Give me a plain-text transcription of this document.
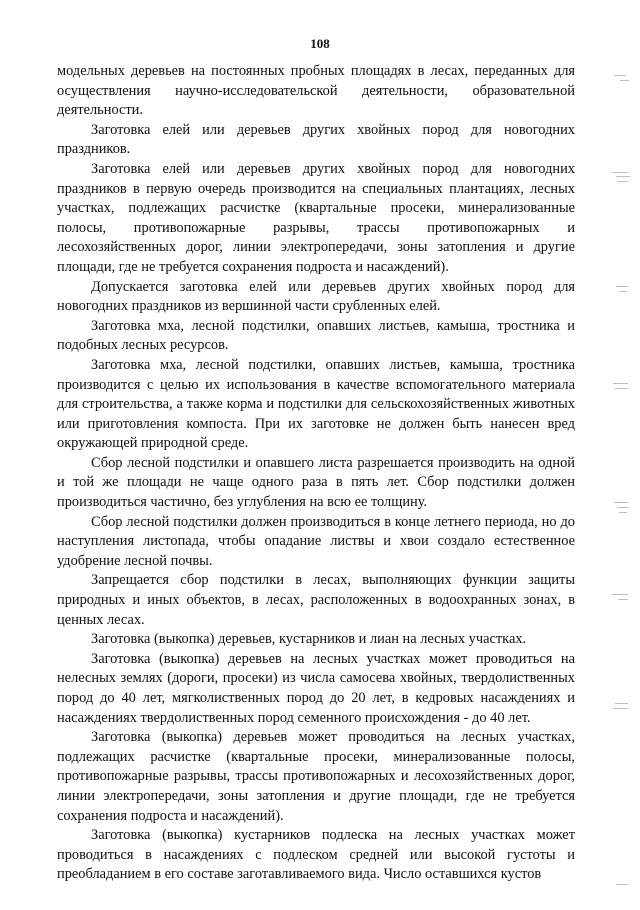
108

модельных деревьев на постоянных пробных площадях в лесах, переданных для осуществления научно-исследовательской деятельности, образовательной деятельности.

Заготовка елей или деревьев других хвойных пород для новогодних праздников.

Заготовка елей или деревьев других хвойных пород для новогодних праздников в первую очередь производится на специальных плантациях, лесных участках, подлежащих расчистке (квартальные просеки, минерализованные полосы, противопожарные разрывы, трассы противопожарных и лесохозяйственных дорог, линии электропередачи, зоны затопления и другие площади, где не требуется сохранения подроста и насаждений).

Допускается заготовка елей или деревьев других хвойных пород для новогодних праздников из вершинной части срубленных елей.

Заготовка мха, лесной подстилки, опавших листьев, камыша, тростника и подобных лесных ресурсов.

Заготовка мха, лесной подстилки, опавших листьев, камыша, тростника производится с целью их использования в качестве вспомогательного материала для строительства, а также корма и подстилки для сельскохозяйственных животных или приготовления компоста. При их заготовке не должен быть нанесен вред окружающей природной среде.

Сбор лесной подстилки и опавшего листа разрешается производить на одной и той же площади не чаще одного раза в пять лет. Сбор подстилки должен производиться частично, без углубления на всю ее толщину.

Сбор лесной подстилки должен производиться в конце летнего периода, но до наступления листопада, чтобы опадание листвы и хвои создало естественное удобрение лесной почвы.

Запрещается сбор подстилки в лесах, выполняющих функции защиты природных и иных объектов, в лесах, расположенных в водоохранных зонах, в ценных лесах.

Заготовка (выкопка) деревьев, кустарников и лиан на лесных участках.

Заготовка (выкопка) деревьев на лесных участках может проводиться на нелесных землях (дороги, просеки) из числа самосева хвойных, твердолиственных пород до 40 лет, мягколиственных пород до 20 лет, в кедровых насаждениях и насаждениях твердолиственных пород семенного происхождения - до 40 лет.

Заготовка (выкопка) деревьев может проводиться на лесных участках, подлежащих расчистке (квартальные просеки, минерализованные полосы, противопожарные разрывы, трассы противопожарных и лесохозяйственных дорог, линии электропередачи, зоны затопления и другие площади, где не требуется сохранения подроста и насаждений).

Заготовка (выкопка) кустарников подлеска на лесных участках может проводиться в насаждениях с подлеском средней или высокой густоты и преобладанием в его составе заготавливаемого вида. Число оставшихся кустов
